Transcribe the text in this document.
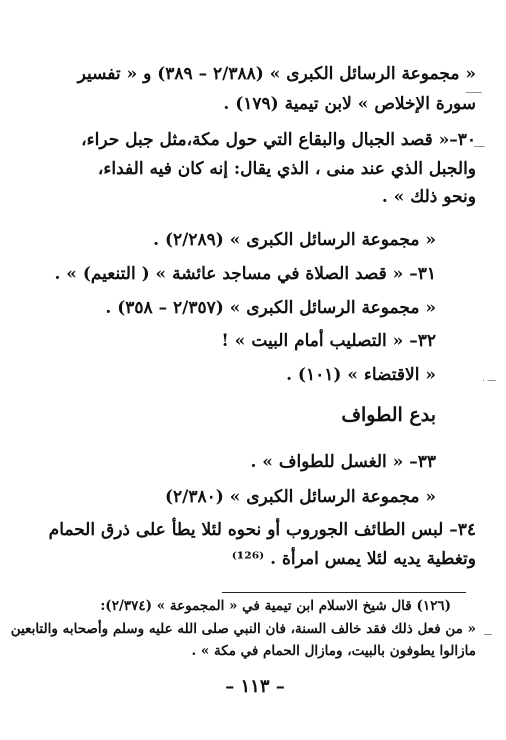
« مجموعة الرسائل الكبرى » (٢/٣٨٨ – ٣٨٩) و « تفسير
سورة الإخلاص » لابن تيمية (١٧٩) .
٣٠–« قصد الجبال والبقاع التي حول مكة،مثل جبل حراء،
والجبل الذي عند منى ، الذي يقال: إنه كان فيه الفداء،
ونحو ذلك » .
« مجموعة الرسائل الكبرى » (٢/٢٨٩) .
٣١– « قصد الصلاة في مساجد عائشة » ( التنعيم) » .
« مجموعة الرسائل الكبرى » (٢/٣٥٧ – ٣٥٨) .
٣٢– « التصليب أمام البيت » !
« الاقتضاء » (١٠١) .
بدع الطواف
٣٣– « الغسل للطواف » .
« مجموعة الرسائل الكبرى » (٢/٣٨٠)
٣٤– لبس الطائف الجوروب أو نحوه لئلا يطأ على ذرق الحمام
وتغطية يديه لئلا يمس امرأة . ⁽¹²⁶⁾
(١٢٦) قال شيخ الاسلام ابن تيمية في « المجموعة » (٢/٣٧٤):
« من فعل ذلك فقد خالف السنة، فان النبي صلى الله عليه وسلم وأصحابه والتابعين
مازالوا يطوفون بالبيت، ومازال الحمام في مكة » .
– ١١٣ –
ــــــ
ــــ
. ـــ
ـــ
